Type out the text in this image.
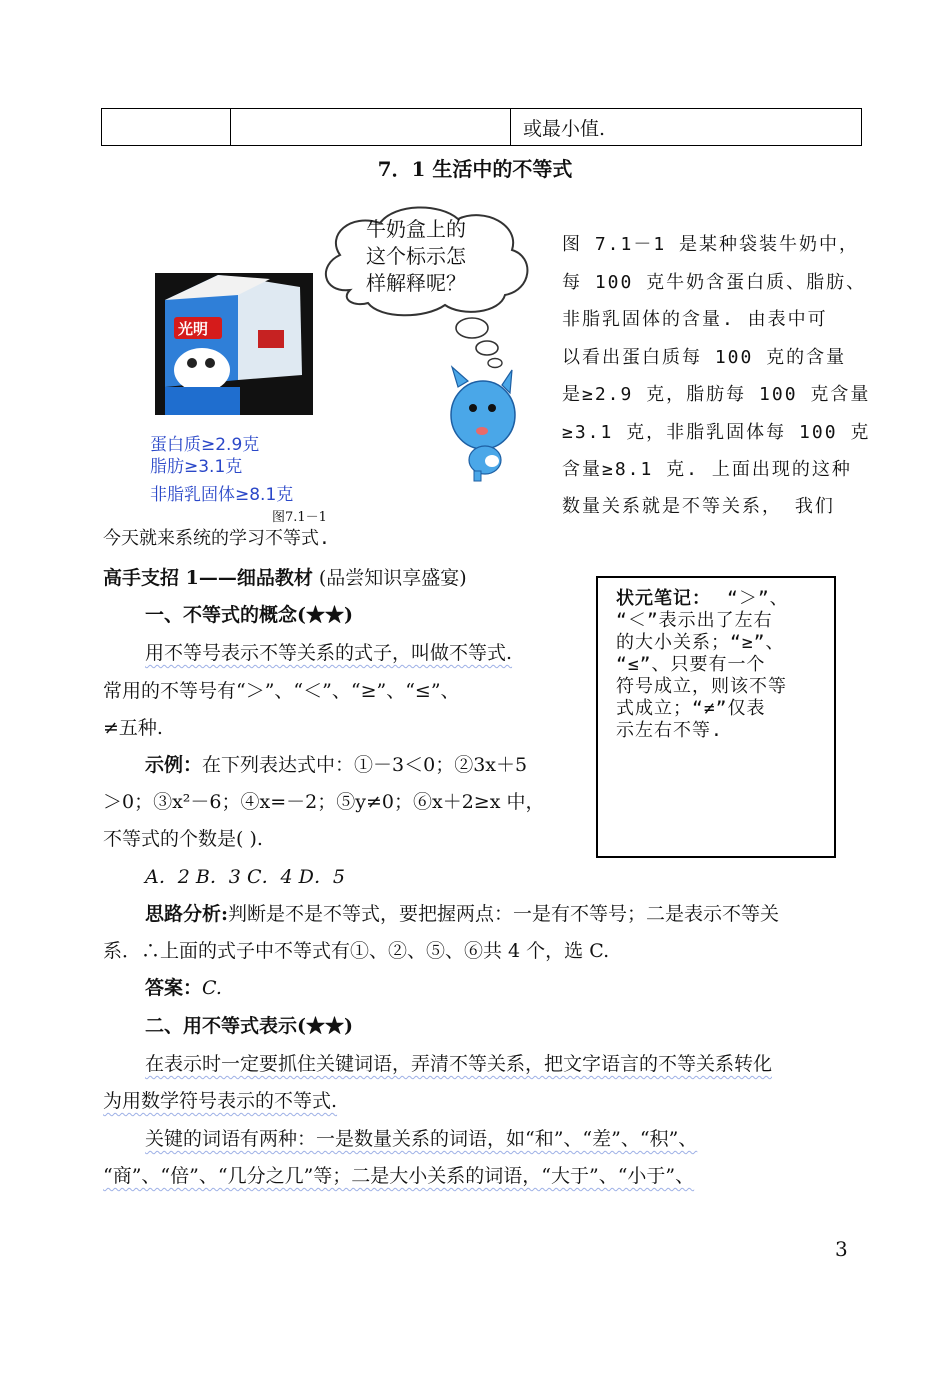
		或最小值.
7．1 生活中的不等式
牛奶盒上的
这个标示怎
样解释呢？
光明
蛋白质≥2.9克
脂肪≥3.1克
非脂乳固体≥8.1克
图7.1－1
图 7.1－1 是某种袋装牛奶中，
每 100 克牛奶含蛋白质、脂肪、
非脂乳固体的含量. 由表中可
以看出蛋白质每 100 克的含量
是≥2.9 克，脂肪每 100 克含量
≥3.1 克，非脂乳固体每 100 克
含量≥8.1 克. 上面出现的这种
数量关系就是不等关系， 我们
今天就来系统的学习不等式.
高手支招 1——细品教材 (品尝知识享盛宴)
一、不等式的概念(★★)
用不等号表示不等关系的式子，叫做不等式.
常用的不等号有“＞”、“＜”、“≥”、“≤”、
≠五种.
状元笔记： “＞”、
“＜”表示出了左右
的大小关系；“≥”、
“≤”、只要有一个
符号成立，则该不等
式成立；“≠”仅表
示左右不等.
示例：在下列表达式中：①－3＜0；②3x＋5
＞0；③x²－6；④x=－2；⑤y≠0；⑥x＋2≥x 中，
不等式的个数是( ).
A．2 B．3 C．4 D．5
思路分析:判断是不是不等式，要把握两点：一是有不等号；二是表示不等关
系．∴上面的式子中不等式有①、②、⑤、⑥共 4 个，选 C.
答案：C.
二、用不等式表示(★★)
在表示时一定要抓住关键词语，弄清不等关系，把文字语言的不等关系转化
为用数学符号表示的不等式.
关键的词语有两种：一是数量关系的词语，如“和”、“差”、“积”、
“商”、“倍”、“几分之几”等；二是大小关系的词语，“大于”、“小于”、
3
